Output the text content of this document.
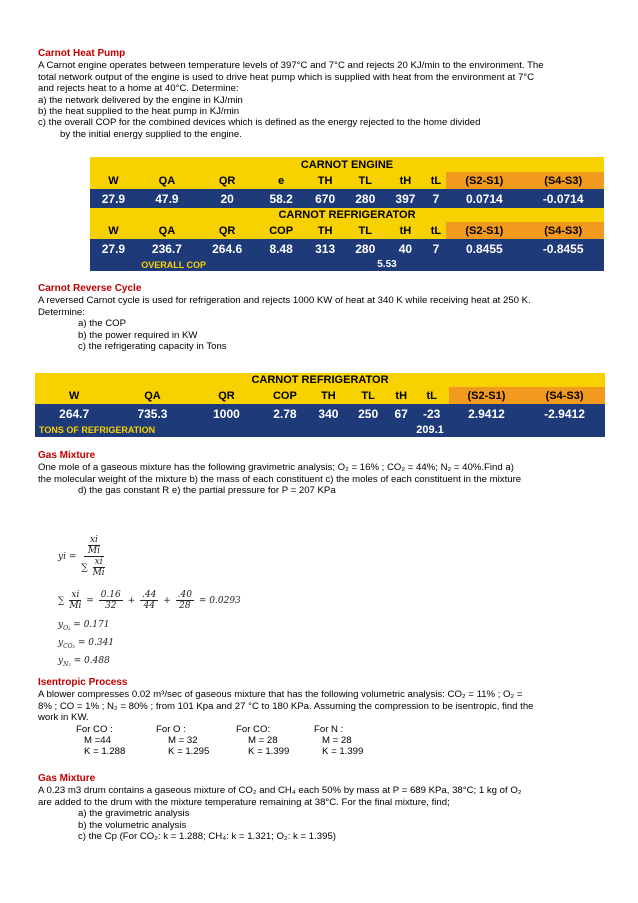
Carnot Heat Pump

A Carnot engine operates between temperature levels of 397°C and 7°C and rejects 20 KJ/min to the environment. The

total network output of the engine is used to drive heat pump which is supplied with heat from the environment at 7°C

and rejects heat to a home at 40°C. Determine:

a) the network delivered by the engine in KJ/min

b) the heat supplied to the heat pump in KJ/min

c) the overall COP for the combined devices which is defined as the energy rejected to the home divided

by the initial energy supplied to the engine.

CARNOT ENGINE									
W	QA	QR	e	TH	TL	tH	tL	(S2-S1)	(S4-S3)
27.9	47.9	20	58.2	670	280	397	7	0.0714	-0.0714
CARNOT REFRIGERATOR									
W	QA	QR	COP	TH	TL	tH	tL	(S2-S1)	(S4-S3)
27.9	236.7	264.6	8.48	313	280	40	7	0.8455	-0.8455
OVERALL COP			5.53						
Carnot Reverse Cycle

A reversed Carnot cycle is used for refrigeration and rejects 1000 KW of heat at 340 K while receiving heat at 250 K.

Determine:

a) the COP

b) the power required in KW

c) the refrigerating capacity in Tons

CARNOT REFRIGERATOR									
W	QA	QR	COP	TH	TL	tH	tL	(S2-S1)	(S4-S3)
264.7	735.3	1000	2.78	340	250	67	-23	2.9412	-2.9412
TONS OF REFRIGERATION			209.1						
Gas Mixture

One mole of a gaseous mixture has the following gravimetric analysis; O₂ = 16% ; CO₂ = 44%; N₂ = 40%.Find a)

the molecular weight of the mixture b) the mass of each constituent c) the moles of each constituent in the mixture

d) the gas constant R e) the partial pressure for P = 207 KPa

yi = $\frac{\frac{xi}{Mi}}{\sum \frac{xi}{Mi}}$
∑ $\frac{xi}{Mi} = \frac{0.16}{32} + \frac{.44}{44} + \frac{.40}{28} = 0.0293$
$y_{O_2} = 0.171$
$y_{CO_2} = 0.341$
$y_{N_2} = 0.488$
Isentropic Process

A blower compresses 0.02 m³/sec of gaseous mixture that has the following volumetric analysis: CO₂ = 11% ; O₂ =

8% ; CO = 1% ; N₂ = 80% ; from 101 Kpa and 27 °C to 180 KPa. Assuming the compression to be isentropic, find the

work in KW.

For CO :
M =44
K = 1.288
For O :
M = 32
K = 1.295
For CO:
M = 28
K = 1.399
For N :
M = 28
K = 1.399
Gas Mixture

A 0.23 m3 drum contains a gaseous mixture of CO₂ and CH₄ each 50% by mass at P = 689 KPa, 38°C; 1 kg of O₂

are added to the drum with the mixture temperature remaining at 38°C. For the final mixture, find;

a) the gravimetric analysis

b) the volumetric analysis

c) the Cp (For CO₂: k = 1.288; CH₄: k = 1.321; O₂: k = 1.395)
